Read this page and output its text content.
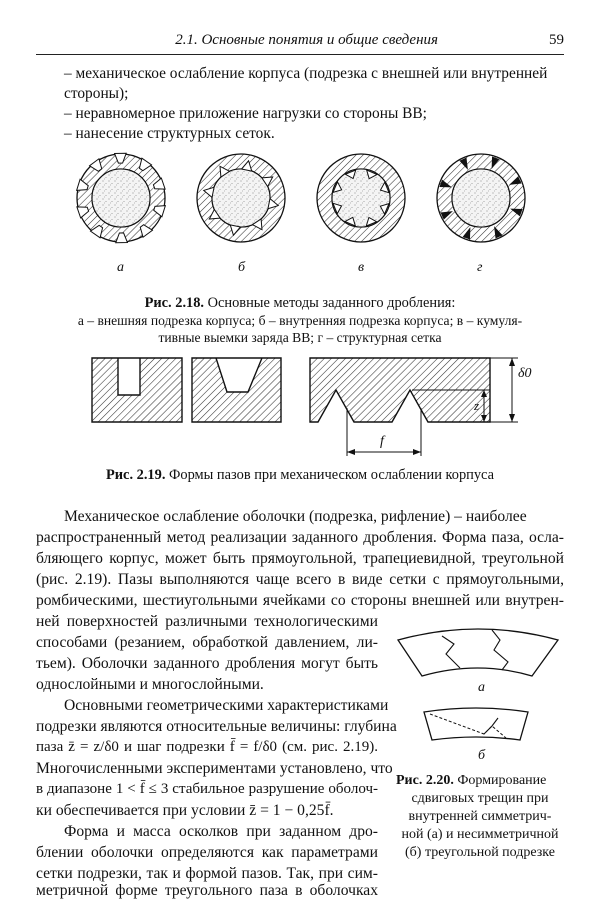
2.1. Основные понятия и общие сведения	59

– механическое ослабление корпуса (подрезка с внешней или внутренней

стороны);

– неравномерное приложение нагрузки со стороны ВВ;

– нанесение структурных сеток.

а	б	в	г

Рис. 2.18. Основные методы заданного дробления:

а – внешняя подрезка корпуса; б – внутренняя подрезка корпуса; в – кумуля-

тивные выемки заряда ВВ; г – структурная сетка

δ0
z
f

Рис. 2.19. Формы пазов при механическом ослаблении корпуса

Механическое ослабление оболочки (подрезка, рифление) – наиболее

распространенный метод реализации заданного дробления. Форма паза, осла-

бляющего корпус, может быть прямоугольной, трапециевидной, треугольной

(рис. 2.19). Пазы выполняются чаще всего в виде сетки с прямоугольными,

ромбическими, шестиугольными ячейками со стороны внешней или внутрен-

ней поверхностей различными технологическими

способами (резанием, обработкой давлением, ли-

тьем). Оболочки заданного дробления могут быть

однослойными и многослойными.

Основными геометрическими характеристиками

подрезки являются относительные величины: глубина

паза z̄ = z/δ0 и шаг подрезки f̄ = f/δ0 (см. рис. 2.19).

Многочисленными экспериментами установлено, что

в диапазоне 1 < f̄ ≤ 3 стабильное разрушение оболоч-

ки обеспечивается при условии z̄ = 1 − 0,25f̄.

Форма и масса осколков при заданном дро-

блении оболочки определяются как параметрами

сетки подрезки, так и формой пазов. Так, при сим-

метричной форме треугольного паза в оболочках

а
б

Рис. 2.20. Формирование

сдвиговых трещин при

внутренней симметрич-

ной (а) и несимметричной

(б) треугольной подрезке
